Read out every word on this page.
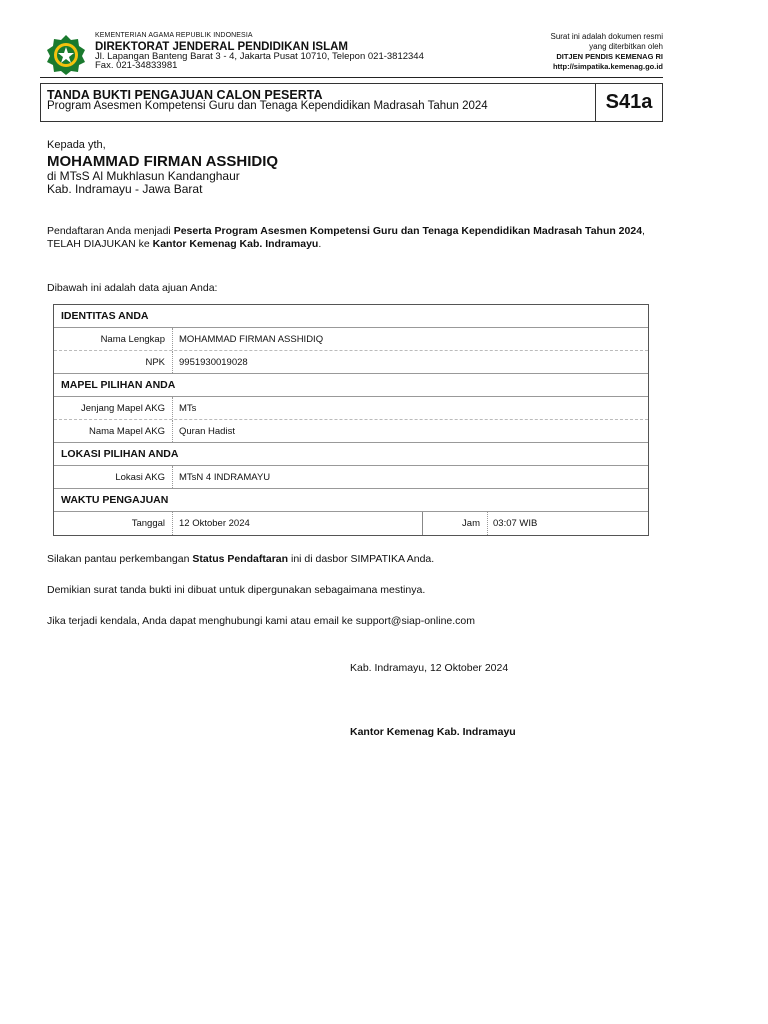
KEMENTERIAN AGAMA REPUBLIK INDONESIA
DIREKTORAT JENDERAL PENDIDIKAN ISLAM
Jl. Lapangan Banteng Barat 3 - 4, Jakarta Pusat 10710, Telepon 021-3812344
Fax. 021-34833981
Surat ini adalah dokumen resmi
yang diterbitkan oleh
DITJEN PENDIS KEMENAG RI
http://simpatika.kemenag.go.id
TANDA BUKTI PENGAJUAN CALON PESERTA
Program Asesmen Kompetensi Guru dan Tenaga Kependidikan Madrasah Tahun 2024	S41a
Kepada yth,
MOHAMMAD FIRMAN ASSHIDIQ
di MTsS Al Mukhlasun Kandanghaur
Kab. Indramayu - Jawa Barat
Pendaftaran Anda menjadi Peserta Program Asesmen Kompetensi Guru dan Tenaga Kependidikan Madrasah Tahun 2024,
TELAH DIAJUKAN ke Kantor Kemenag Kab. Indramayu.
Dibawah ini adalah data ajuan Anda:
IDENTITAS ANDA
Nama Lengkap	MOHAMMAD FIRMAN ASSHIDIQ
NPK	9951930019028
MAPEL PILIHAN ANDA
Jenjang Mapel AKG	MTs
Nama Mapel AKG	Quran Hadist
LOKASI PILIHAN ANDA
Lokasi AKG	MTsN 4 INDRAMAYU
WAKTU PENGAJUAN
Tanggal	12 Oktober 2024	Jam	03:07 WIB
Silakan pantau perkembangan Status Pendaftaran ini di dasbor SIMPATIKA Anda.
Demikian surat tanda bukti ini dibuat untuk dipergunakan sebagaimana mestinya.
Jika terjadi kendala, Anda dapat menghubungi kami atau email ke support@siap-online.com
Kab. Indramayu, 12 Oktober 2024
Kantor Kemenag Kab. Indramayu
